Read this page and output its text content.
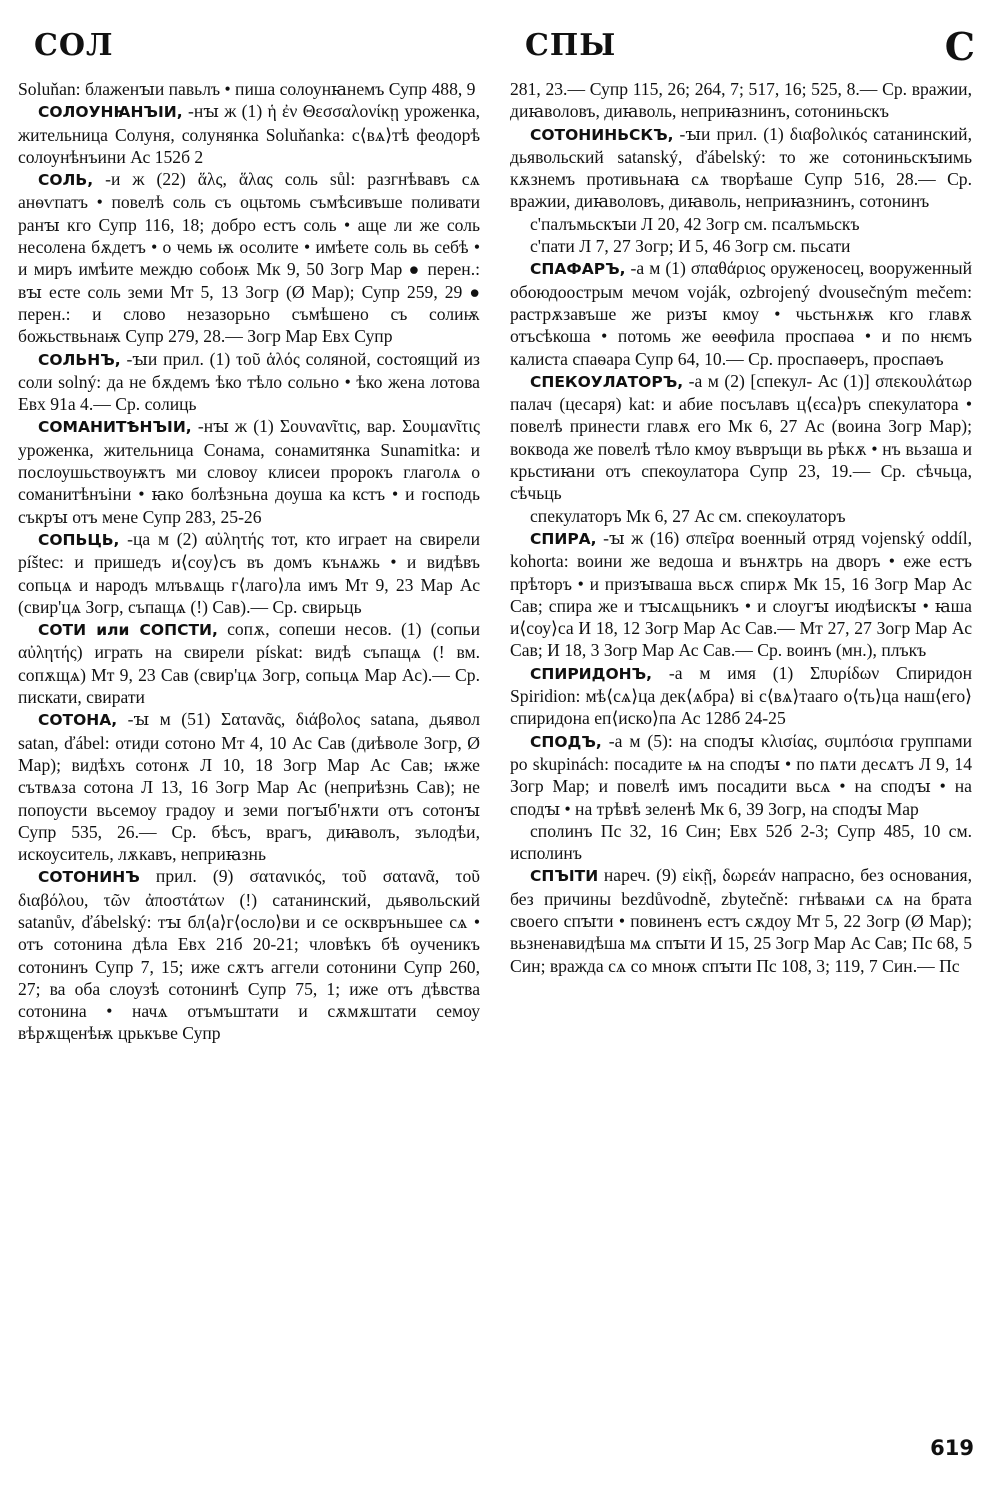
СОЛ	СПЫ	С

Soluňan: блаженꙑи павьлъ • пиша солоунꙗнемъ Супр 488, 9

СОЛОУНꙖНЪІИ, -нꙑ ж (1) ἡ ἐν Θεσσαλονίκῃ уроженка, жительница Солуня, солунянка Soluňanka: с⟨вѧ⟩тѣ феодорѣ солоунѣнъини Ас 152б 2

СОЛЬ, -и ж (22) ἅλς, ἅλας соль sůl: разгнѣвавъ сѧ анѳѵпатъ • повелѣ соль съ оцьтомь съмѣсивъше поливати ранꙑ кго Супр 116, 18; добро естъ соль • аще ли же соль несолена бѫдетъ • о чемь ѭ осолите • имѣете соль вь себѣ • и миръ имѣите междю собоѭ Мк 9, 50 Зогр Мар ● перен.: вꙑ есте соль земи Мт 5, 13 Зогр (Ø Мар); Супр 259, 29 ● перен.: и слово незазорьно съмѣшено съ солиѭ божьствьнаѭ Супр 279, 28.— Зогр Мар Евх Супр

СОЛЬНЪ, -ꙑи прил. (1) τοῦ ἁλός соляной, состоящий из соли solný: да не бѫдемъ ѣко тѣло сольно • ѣко жена лотова Евх 91а 4.— Ср. солиць

СОМАНИТѢНЪІИ, -нꙑ ж (1) Σουνανῖτις, вар. Σουμανῖτις уроженка, жительница Сонама, сонамитянка Sunamitka: и послоушьствоуѭтъ ми словоу клисеи пророкъ глаголѧ о соманитѣнъіни • ꙗко болѣзньна доуша ка кстъ • и господь съкрꙑ отъ мене Супр 283, 25-26

СОПЬЦЬ, -ца м (2) αὐλητής тот, кто играет на свирели píštec: и пришедъ и⟨соу⟩съ въ домъ кънѧжь • и видѣвъ сопьцѧ и народъ млъвѧщь г⟨лаго⟩ла имъ Мт 9, 23 Мар Ас (свир'цѧ Зогр, съпащѧ (!) Сав).— Ср. свирьць

СОТИ или СОПСТИ, сопѫ, сопеши несов. (1) (сопьи αὐλητής) играть на свирели pískat: видѣ съпащѧ (! вм. сопѫщѧ) Мт 9, 23 Сав (свир'цѧ Зогр, сопьцѧ Мар Ас).— Ср. пискати, свирати

СОТОНА, -ꙑ м (51) Σατανᾶς, διάβολος satana, дьявол satan, ďábel: отиди сотоно Мт 4, 10 Ас Сав (диѣволе Зогр, Ø Мар); видѣхъ сотонѫ Л 10, 18 Зогр Мар Ас Сав; ѭже сътвѧза сотона Л 13, 16 Зогр Мар Ас (неприѣзнь Сав); не попоусти вьсемоу градоу и земи погꙑб'нѫти отъ сотонꙑ Супр 535, 26.— Ср. бѣсъ, врагъ, диꙗволъ, зълодѣи, искоуситель, лѫкавъ, неприꙗзнь

СОТОНИНЪ прил. (9) σατανικός, τοῦ σατανᾶ, τοῦ διαβόλου, τῶν ἀποστάτων (!) сатанинский, дьявольский satanův, ďábelský: тꙑ бл⟨а⟩г⟨осло⟩ви и се осквръньшее сѧ • отъ сотонина дѣла Евх 21б 20-21; чловѣкъ бѣ оученикъ сотонинъ Супр 7, 15; иже сѫтъ аггели сотонини Супр 260, 27; ва оба слоузѣ сотонинѣ Супр 75, 1; иже отъ дѣвства сотонина • начѧ отъмъштати и сѫмѫштати семоу вѣрѫщенѣѭ црькъве Супр

281, 23.— Супр 115, 26; 264, 7; 517, 16; 525, 8.— Ср. вражии, диꙗволовъ, диꙗволь, неприꙗзнинъ, сотониньскъ

СОТОНИНЬСКЪ, -ꙑи прил. (1) διαβολικός сатанинский, дьявольский satanský, ďábelský: то же сотониньскꙑимь кѫзнемъ противьнаꙗ сѧ творѣаше Супр 516, 28.— Ср. вражии, диꙗволовъ, диꙗволь, неприꙗзнинъ, сотонинъ

с'палъмьскꙑи Л 20, 42 Зогр см. псалъмьскъ

с'пати Л 7, 27 Зогр; И 5, 46 Зогр см. пьсати

СПАФАРЪ, -а м (1) σπαθάριος оруженосец, вооруженный обоюдоострым мечом voják, ozbrojený dvousečným mečem: растрѫзавъше же ризꙑ кмоу • чьстьнѫѭ кго главѫ отъсѣкоша • потомь же ѳеѳфила проспаѳа • и по нѥмъ калиста спаѳара Супр 64, 10.— Ср. проспаѳеръ, проспаѳъ

СПЕКОУЛАТОРЪ, -а м (2) [спекул- Ас (1)] σπεκουλάτωρ палач (цесаря) kat: и абие посълавъ ц⟨єса⟩ръ спекулатора • повелѣ принести главѫ его Мк 6, 27 Ас (воина Зогр Мар); воквода же повелѣ тѣло кмоу въвръщи вь рѣкѫ • нъ вьзаша и крьстиꙗни отъ спекоулатора Супр 23, 19.— Ср. сѣчьца, сѣчьць

спекулаторъ Мк 6, 27 Ас см. спекоулаторъ

СПИРА, -ꙑ ж (16) σπεῖρα военный отряд vojenský oddíl, kohorta: воини же ведоша и вънѫтрь на дворъ • еже естъ прѣторъ • и призꙑваша вьсѫ спирѫ Мк 15, 16 Зогр Мар Ас Сав; спира же и тꙑсѧщьникъ • и слоугꙑ июдѣискꙑ • ꙗша и⟨соу⟩са И 18, 12 Зогр Мар Ас Сав.— Мт 27, 27 Зогр Мар Ас Сав; И 18, 3 Зогр Мар Ас Сав.— Ср. воинъ (мн.), плъкъ

СПИРИДОНЪ, -а м имя (1) Σπυρίδων Спиридон Spiridion: мѣ⟨сѧ⟩ца дек⟨ѧбра⟩ ві с⟨вѧ⟩тааго о⟨ть⟩ца наш⟨его⟩ спиридона еп⟨иско⟩па Ас 128б 24-25

СПОДЪ, -а м (5): на сподꙑ κλισίας, συμπόσια группами po skupinách: посадите ѩ на сподꙑ • по пѧти десѧтъ Л 9, 14 Зогр Мар; и повелѣ имъ посадити вьсѧ • на сподꙑ • на сподꙑ • на трѣвѣ зеленѣ Мк 6, 39 Зогр, на сподꙑ Мар

сполинъ Пс 32, 16 Син; Евх 52б 2-3; Супр 485, 10 см. исполинъ

СПЪІТИ нареч. (9) εἰκῇ, δωρεάν напрасно, без основания, без причины bezdůvodně, zbytečně: гнѣваѩи сѧ на брата своего спꙑти • повиненъ естъ сѫдоу Мт 5, 22 Зогр (Ø Мар); вьзненавидѣша мѧ спꙑти И 15, 25 Зогр Мар Ас Сав; Пс 68, 5 Син; вражда сѧ со мноѭ спꙑти Пс 108, 3; 119, 7 Син.— Пс

619
